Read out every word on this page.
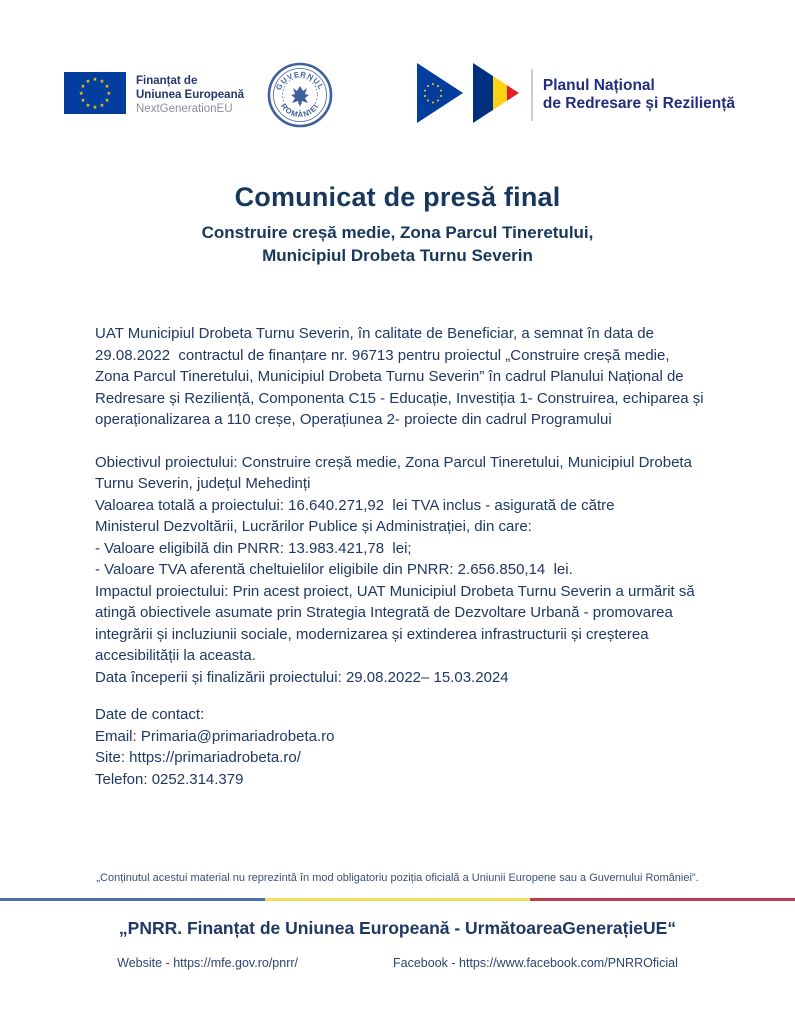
★ ★
★
★
★
★
★
★
★
★
★
★	Finanțat de
Uniunea Europeană
NextGenerationEU
GUVERNUL
ROMÂNIEI
Planul Național
de Redresare și Reziliență
Comunicat de presă final
Construire creșă medie, Zona Parcul Tineretului,
Municipiul Drobeta Turnu Severin
UAT Municipiul Drobeta Turnu Severin, în calitate de Beneficiar, a semnat în data de
29.08.2022  contractul de finanțare nr. 96713 pentru proiectul „Construire creșă medie,
Zona Parcul Tineretului, Municipiul Drobeta Turnu Severin” în cadrul Planului Național de
Redresare și Reziliență, Componenta C15 - Educație, Investiția 1- Construirea, echiparea și
operaționalizarea a 110 creșe, Operațiunea 2- proiecte din cadrul Programului
Obiectivul proiectului: Construire creșă medie, Zona Parcul Tineretului, Municipiul Drobeta
Turnu Severin, județul Mehedinți
Valoarea totală a proiectului: 16.640.271,92  lei TVA inclus - asigurată de către
Ministerul Dezvoltării, Lucrărilor Publice și Administrației, din care:
- Valoare eligibilă din PNRR: 13.983.421,78  lei;
- Valoare TVA aferentă cheltuielilor eligibile din PNRR: 2.656.850,14  lei.
Impactul proiectului: Prin acest proiect, UAT Municipiul Drobeta Turnu Severin a urmărit să
atingă obiectivele asumate prin Strategia Integrată de Dezvoltare Urbană - promovarea
integrării și incluziunii sociale, modernizarea și extinderea infrastructurii și creșterea
accesibilității la aceasta.
Data începerii și finalizării proiectului: 29.08.2022– 15.03.2024
Date de contact:
Email: Primaria@primariadrobeta.ro
Site: https://primariadrobeta.ro/
Telefon: 0252.314.379
„Conținutul acestui material nu reprezintă în mod obligatoriu poziția oficială a Uniunii Europene sau a Guvernului României”.
„PNRR. Finanțat de Uniunea Europeană - UrmătoareaGenerațieUE“
Website - https://mfe.gov.ro/pnrr/	Facebook - https://www.facebook.com/PNRROficial
